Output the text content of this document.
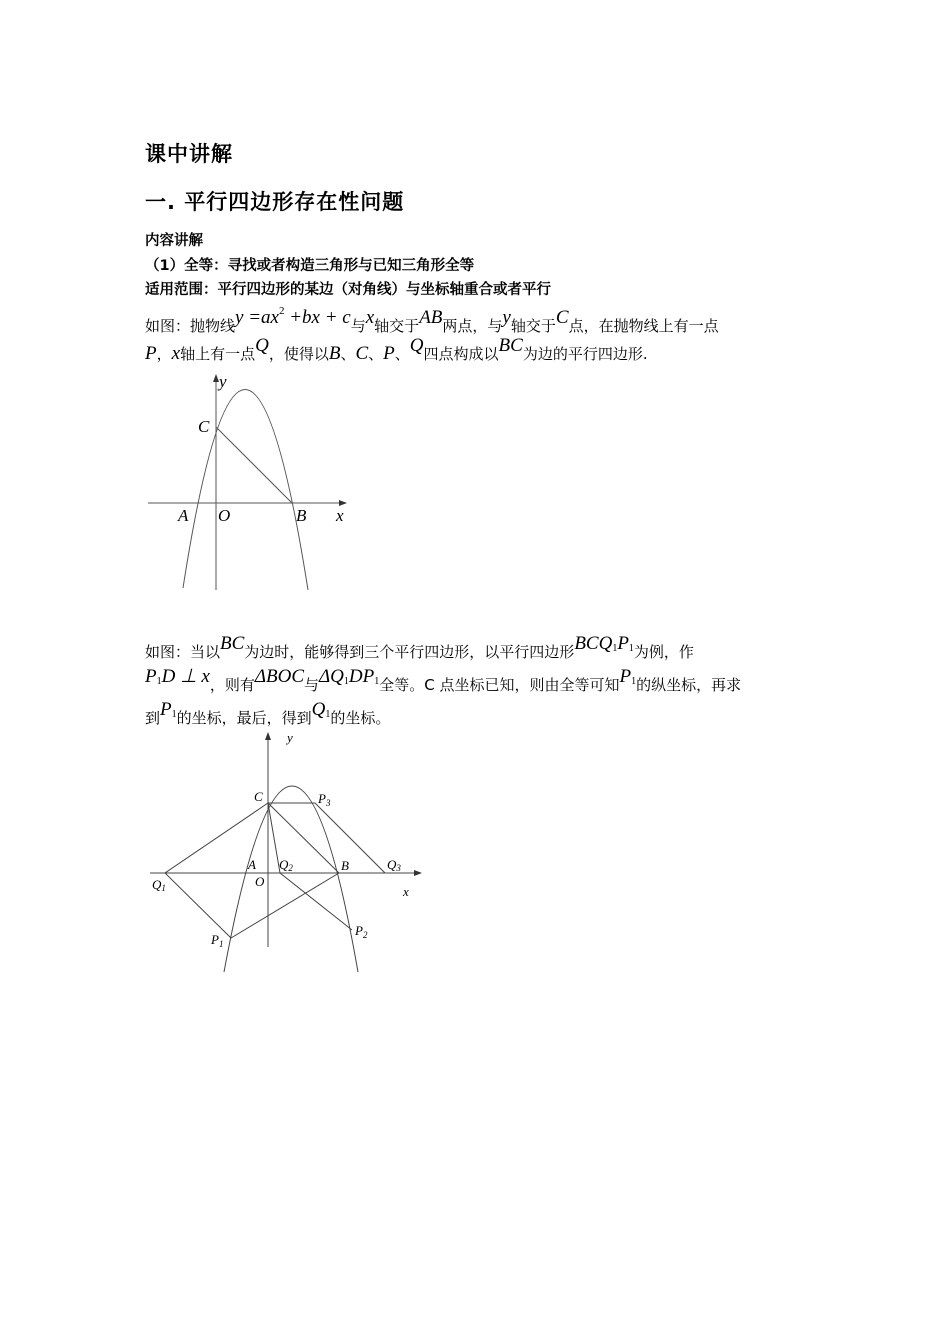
课中讲解
一. 平行四边形存在性问题
内容讲解
（1）全等：寻找或者构造三角形与已知三角形全等
适用范围：平行四边形的某边（对角线）与坐标轴重合或者平行
如图：抛物线$y =ax^2 +bx + c$与x轴交于AB两点，与y轴交于C点，在抛物线上有一点
P，x轴上有一点Q，使得以B、C、P、Q四点构成以BC为边的平行四边形.
y
C
A O	B x
如图：当以BC为边时，能够得到三个平行四边形，以平行四边形$BCQ_1P_1$为例，作
$P_1D$ ⊥ x，则有ΔBOC与$\Delta Q_1DP_1$全等。C 点坐标已知，则由全等可知$P_1$的纵坐标，再求
到$P_1$的坐标，最后，得到$Q_1$的坐标。
y
C	$P_3$
A Q2	B	Q3
Q1	O
x
$P_1$
$P_2$
